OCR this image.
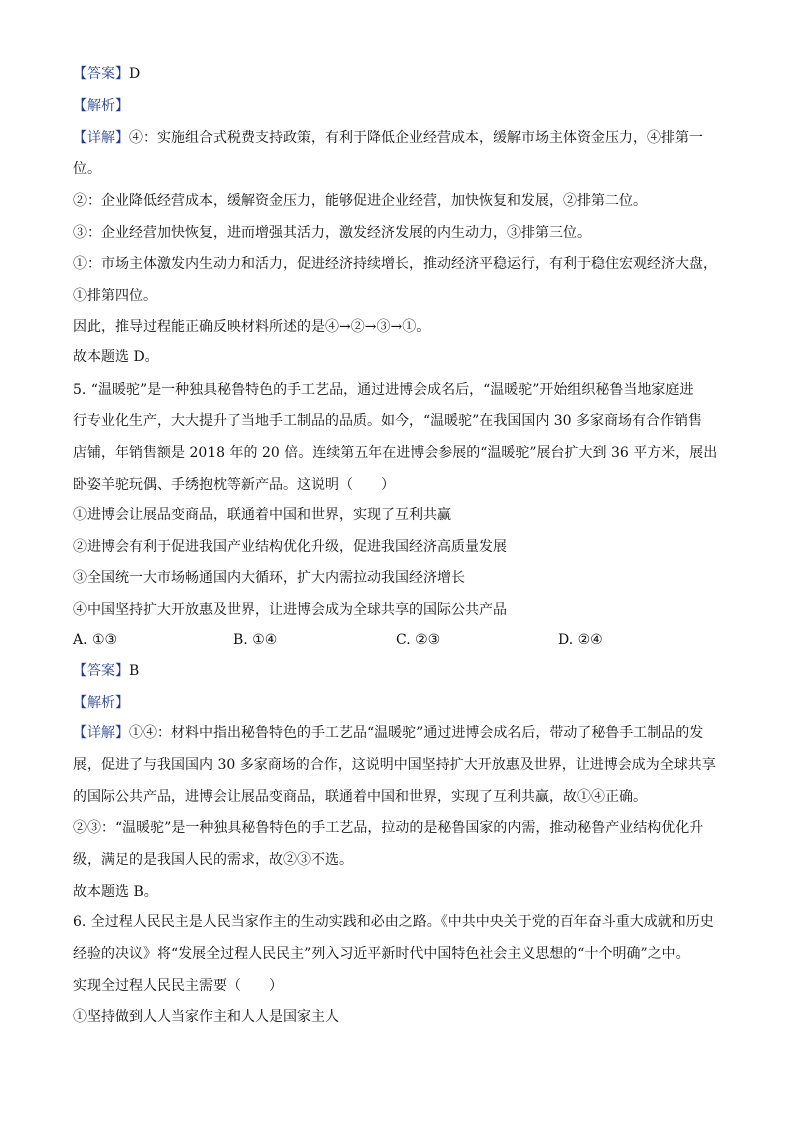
【答案】D
【解析】
【详解】④：实施组合式税费支持政策，有利于降低企业经营成本，缓解市场主体资金压力，④排第一
位。
②：企业降低经营成本，缓解资金压力，能够促进企业经营，加快恢复和发展，②排第二位。
③：企业经营加快恢复，进而增强其活力，激发经济发展的内生动力，③排第三位。
①：市场主体激发内生动力和活力，促进经济持续增长，推动经济平稳运行，有利于稳住宏观经济大盘，
①排第四位。
因此，推导过程能正确反映材料所述的是④→②→③→①。
故本题选 D。
5. “温暖驼”是一种独具秘鲁特色的手工艺品，通过进博会成名后，“温暖驼”开始组织秘鲁当地家庭进
行专业化生产，大大提升了当地手工制品的品质。如今，“温暖驼”在我国国内 30 多家商场有合作销售
店铺，年销售额是 2018 年的 20 倍。连续第五年在进博会参展的“温暖驼”展台扩大到 36 平方米，展出
卧姿羊驼玩偶、手绣抱枕等新产品。这说明（　　）
①进博会让展品变商品，联通着中国和世界，实现了互利共赢
②进博会有利于促进我国产业结构优化升级，促进我国经济高质量发展
③全国统一大市场畅通国内大循环，扩大内需拉动我国经济增长
④中国坚持扩大开放惠及世界，让进博会成为全球共享的国际公共产品
A. ①③	B. ①④	C. ②③	D. ②④
【答案】B
【解析】
【详解】①④：材料中指出秘鲁特色的手工艺品“温暖驼”通过进博会成名后，带动了秘鲁手工制品的发
展，促进了与我国国内 30 多家商场的合作，这说明中国坚持扩大开放惠及世界，让进博会成为全球共享
的国际公共产品，进博会让展品变商品，联通着中国和世界，实现了互利共赢，故①④正确。
②③：“温暖驼”是一种独具秘鲁特色的手工艺品，拉动的是秘鲁国家的内需，推动秘鲁产业结构优化升
级，满足的是我国人民的需求，故②③不选。
故本题选 B。
6. 全过程人民民主是人民当家作主的生动实践和必由之路。《中共中央关于党的百年奋斗重大成就和历史
经验的决议》将“发展全过程人民民主”列入习近平新时代中国特色社会主义思想的“十个明确”之中。
实现全过程人民民主需要（　　）
①坚持做到人人当家作主和人人是国家主人
